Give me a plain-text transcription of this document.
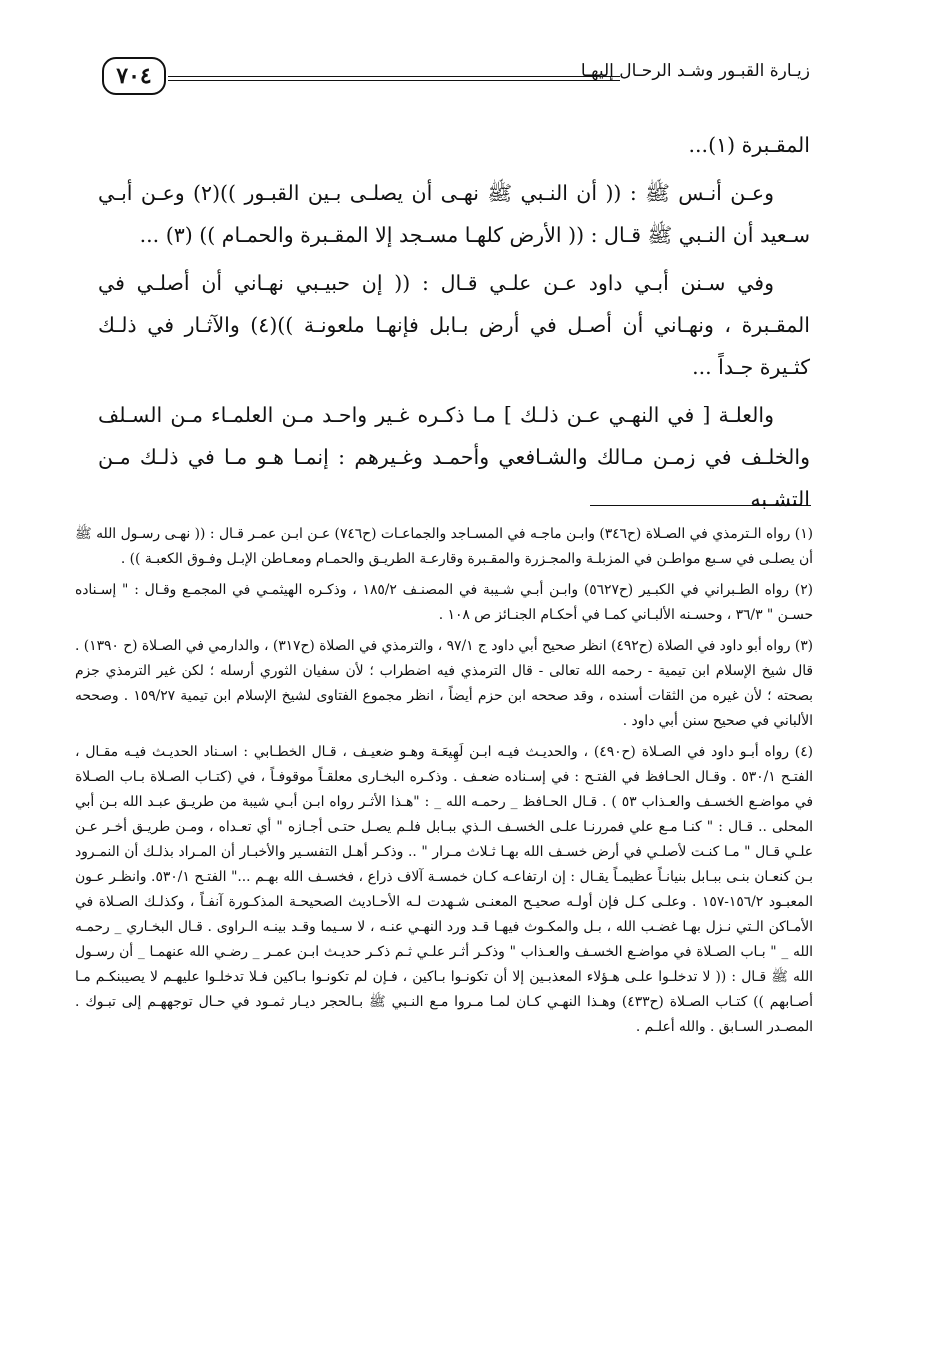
٧٠٤	زيـارة القبـور وشـد الرحـال إليهـا

المقـبرة (١)...

وعـن أنـس ﷺ : (( أن النـبي ﷺ نهـى أن يصلـى بـين القبـور ))(٢) وعـن أبـي سـعيد أن النـبي ﷺ قـال : (( الأرض كلهـا مسـجد إلا المقـبرة والحمـام )) (٣) ...

وفي سـنن أبـي داود عـن علـي قـال : (( إن حبيـبي نهـاني أن أصلـي في المقـبرة ، ونهـاني أن أصـل في أرض بـابل فإنهـا ملعونـة ))(٤) والآثـار في ذلـك كثـيرة جـداً ...

والعلـة [ في النهـي عـن ذلـك ] مـا ذكـره غـير واحـد مـن العلمـاء مـن السـلف والخلـف في زمـن مـالك والشـافعي وأحمـد وغـيرهم : إنمـا هـو مـا في ذلـك مـن التشـبه

(١) رواه الـترمذي في الصـلاة (ح٣٤٦) وابـن ماجـه في المسـاجد والجماعـات (ح٧٤٦) عـن ابـن عمـر قـال : (( نهـى رسـول الله ﷺ أن يصلـى في سـبع مواطـن في المزبلـة والمجـزرة والمقـبرة وقارعـة الطريـق والحمـام ومعـاطن الإبـل وفـوق الكعبـة )) .

(٢) رواه الطـبراني في الكبـير (ح٥٦٢٧) وابـن أبـي شـيبة في المصنـف ١٨٥/٢ ، وذكـره الهيثمـي في المجمـع وقـال : " إسـناده حسـن " ٣٦/٣ ، وحسـنه الألبـاني كمـا في أحكـام الجنـائز ص ١٠٨ .

(٣) رواه أبو داود في الصلاة (ح٤٩٢) انظر صحيح أبي داود ج ٩٧/١ ، والترمذي في الصلاة (ح٣١٧) ، والدارمي في الصـلاة (ح ١٣٩٠) . قال شيخ الإسلام ابن تيمية - رحمه الله تعالى - قال الترمذي فيه اضطراب ؛ لأن سفيان الثوري أرسله ؛ لكن غير الترمذي جزم بصحته ؛ لأن غيره من الثقات أسنده ، وقد صححه ابن حزم أيضاً ، انظر مجموع الفتاوى لشيخ الإسلام ابن تيمية ١٥٩/٢٧ . وصححه الألباني في صحيح سنن أبي داود .

(٤) رواه أبـو داود في الصـلاة (ح٤٩٠) ، والحديـث فيـه ابـن لَهِيعَـة وهـو ضعيـف ، قـال الخطـابي : اسـناد الحديـث فيـه مقـال ، الفتـح ٥٣٠/١ . وقـال الحـافظ في الفتـح : في إسـناده ضعـف . وذكـره البخـارى معلقـاً موقوفـاً ، في (كتـاب الصـلاة بـاب الصـلاة في مواضـع الخسـف والعـذاب ٥٣ ) . قـال الحـافظ _ رحمـه الله _ : "هـذا الأثـر رواه ابـن أبـي شيبة من طريـق عبـد الله بـن أبي المحلى .. قـال : " كنـا مـع علي فمررنـا علـى الخسـف الـذي ببـابل فلـم يصـل حتـى أجـازه " أي تعـداه ، ومـن طريـق أخـر عـن علـي قـال " مـا كنـت لأصلـي في أرض خسـف الله بهـا ثـلاث مـرار " .. وذكـر أهـل التفسـير والأخبـار أن المـراد بذلـك أن النمـرود بـن كنعـان بنـى ببـابل بنيانـاً عظيمـاً يقـال : إن ارتفاعـه كـان خمسـة آلاف ذراع ، فخسـف الله بهـم ..." الفتـح ٥٣٠/١. وانظـر عـون المعبـود ١٥٦/٢-١٥٧ . وعلـى كـل فإن أولـه صحيـح المعنـى شـهدت لـه الأحـاديث الصحيحـة المذكـورة آنفـاً ، وكذلـك الصـلاة في الأمـاكن الـتي نـزل بهـا غضـب الله ، بـل والمكـوث فيهـا قـد ورد النهـي عنـه ، لا سـيما وقـد بينـه الـراوى . قـال البخـاري _ رحمـه الله _ " بـاب الصـلاة في مواضـع الخسـف والعـذاب " وذكـر أثـر علـي ثـم ذكـر حديـث ابـن عمـر _ رضـي الله عنهمـا _ أن رسـول الله ﷺ قـال : (( لا تدخلـوا علـى هـؤلاء المعذبـين إلا أن تكونـوا بـاكين ، فـإن لم تكونـوا بـاكين فـلا تدخلـوا عليهـم لا يصيبنكـم مـا أصـابهم )) كتـاب الصـلاة (ح٤٣٣) وهـذا النهـي كـان لمـا مـروا مـع النـبي ﷺ بـالحجر ديـار ثمـود في حـال توجههـم إلى تبـوك . المصـدر السـابق . والله أعلـم .
